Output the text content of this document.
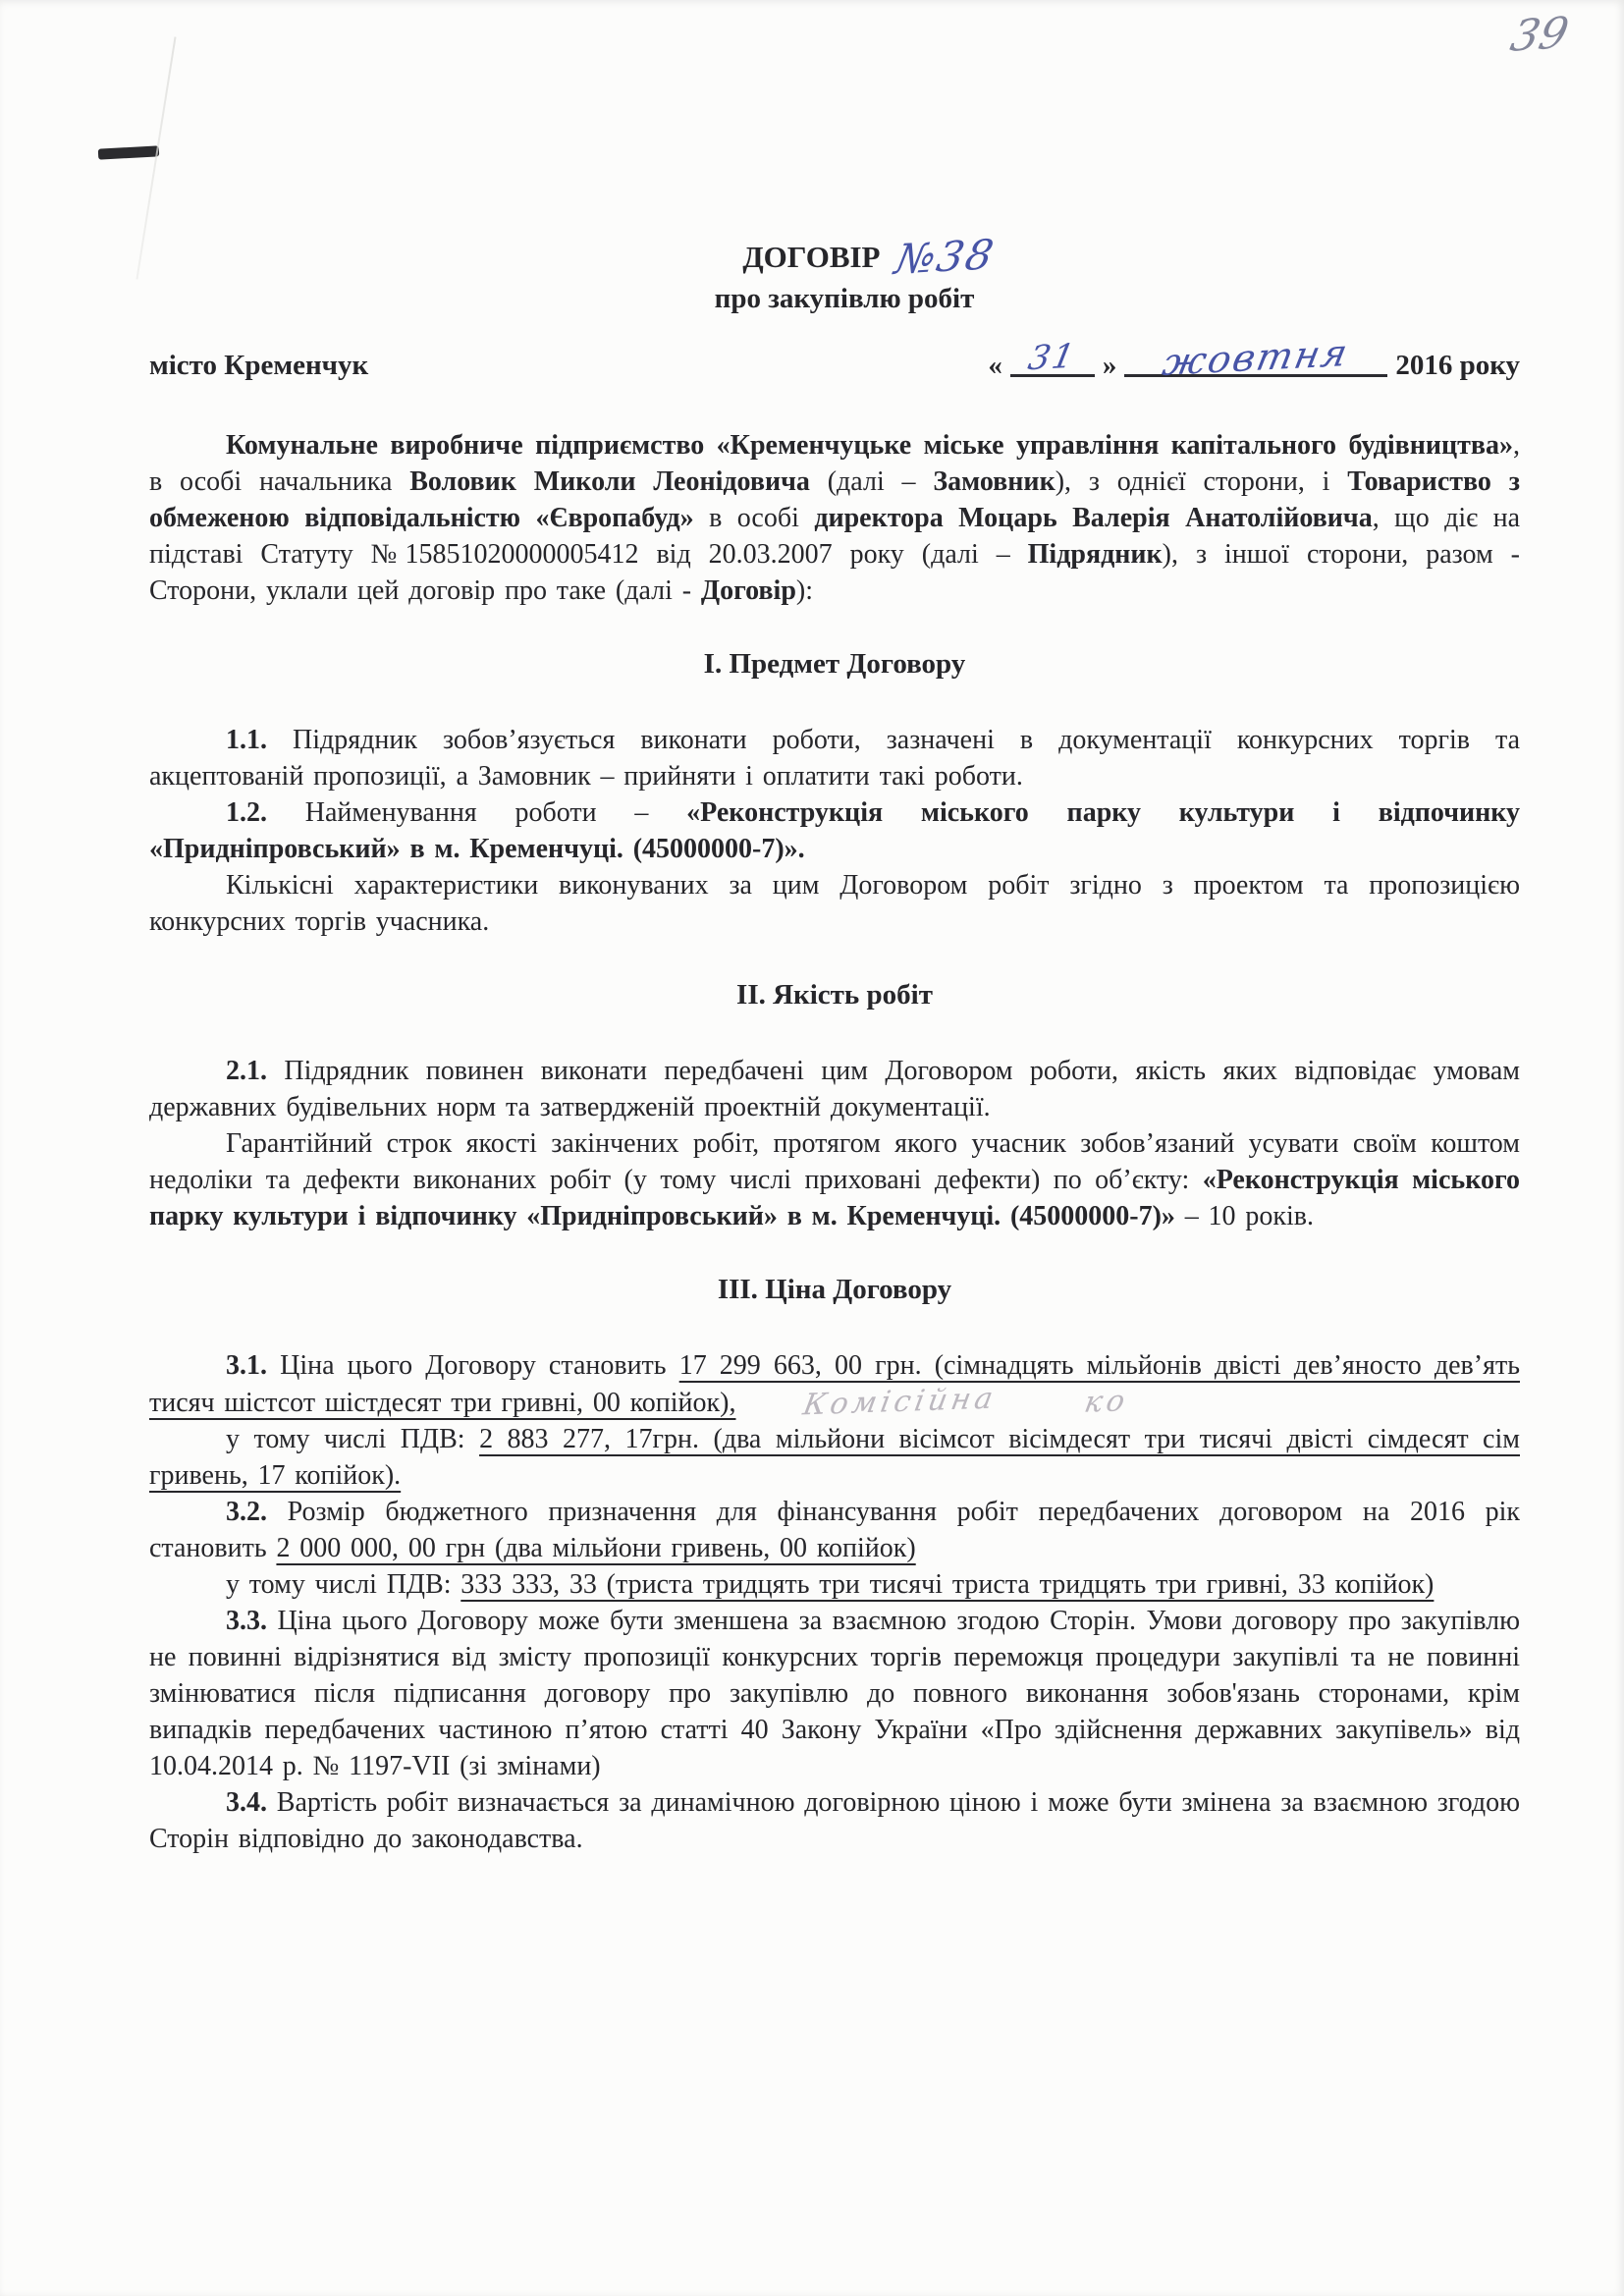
39
ДОГОВІР №38
про закупівлю робіт
місто Кременчук	« 31 » жовтня 2016 року

Комунальне виробниче підприємство «Кременчуцьке міське управління капітального будівництва», в особі начальника Воловик Миколи Леонідовича (далі – Замовник), з однієї сторони, і Товариство з обмеженою відповідальністю «Європабуд» в особі директора Моцарь Валерія Анатолійовича, що діє на підставі Статуту №15851020000005412 від 20.03.2007 року (далі – Підрядник), з іншої сторони, разом - Сторони, уклали цей договір про таке (далі - Договір):

І. Предмет Договору

1.1. Підрядник зобов’язується виконати роботи, зазначені в документації конкурсних торгів та акцептованій пропозиції, а Замовник – прийняти і оплатити такі роботи.

1.2. Найменування роботи – «Реконструкція міського парку культури і відпочинку «Придніпровський» в м. Кременчуці. (45000000-7)».

Кількісні характеристики виконуваних за цим Договором робіт згідно з проектом та пропозицією конкурсних торгів учасника.

ІІ. Якість робіт

2.1. Підрядник повинен виконати передбачені цим Договором роботи, якість яких відповідає умовам державних будівельних норм та затвердженій проектній документації.

Гарантійний строк якості закінчених робіт, протягом якого учасник зобов’язаний усувати своїм коштом недоліки та дефекти виконаних робіт (у тому числі приховані дефекти) по об’єкту: «Реконструкція міського парку культури і відпочинку «Придніпровський» в м. Кременчуці. (45000000-7)» – 10 років.

ІІІ. Ціна Договору

3.1. Ціна цього Договору становить 17 299 663, 00 грн. (сімнадцять мільйонів двісті дев’яносто дев’ять тисяч шістсот шістдесят три гривні, 00 копійок), Комісійна	ко

у тому числі ПДВ: 2 883 277, 17грн. (два мільйони вісімсот вісімдесят три тисячі двісті сімдесят сім гривень, 17 копійок).

3.2. Розмір бюджетного призначення для фінансування робіт передбачених договором на 2016 рік становить 2 000 000, 00 грн (два мільйони гривень, 00 копійок)

у тому числі ПДВ: 333 333, 33 (триста тридцять три тисячі триста тридцять три гривні, 33 копійок)

3.3. Ціна цього Договору може бути зменшена за взаємною згодою Сторін. Умови договору про закупівлю не повинні відрізнятися від змісту пропозиції конкурсних торгів переможця процедури закупівлі та не повинні змінюватися після підписання договору про закупівлю до повного виконання зобов'язань сторонами, крім випадків передбачених частиною п’ятою статті 40 Закону України «Про здійснення державних закупівель» від 10.04.2014 р. № 1197-VII (зі змінами)

3.4. Вартість робіт визначається за динамічною договірною ціною і може бути змінена за взаємною згодою Сторін відповідно до законодавства.
